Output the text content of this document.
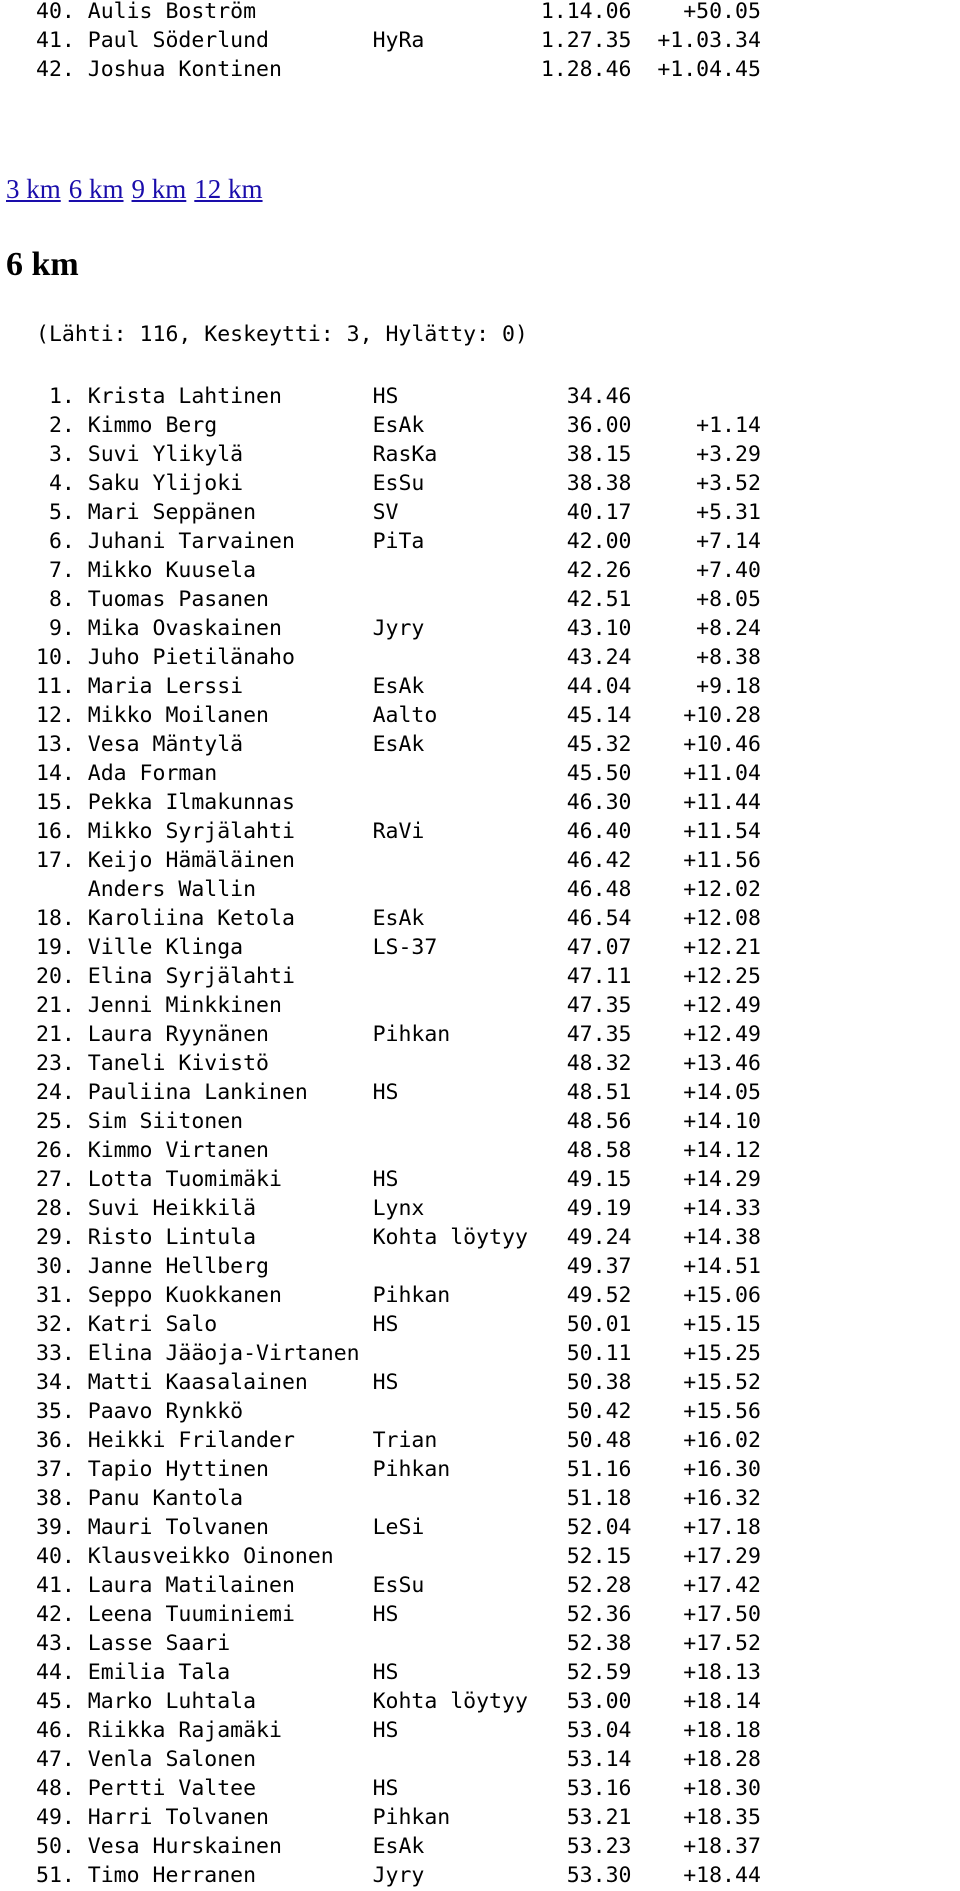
40. Aulis Boström	1.14.06    +50.05
41. Paul Söderlund        HyRa         1.27.35  +1.03.34
42. Joshua Kontinen	1.28.46  +1.04.45
3 km 6 km 9 km 12 km
6 km
(Lähti: 116, Keskeytti: 3, Hylätty: 0)
1. Krista Lahtinen       HS             34.46
2. Kimmo Berg            EsAk           36.00     +1.14
3. Suvi Ylikylä          RasKa          38.15     +3.29
4. Saku Ylijoki          EsSu           38.38     +3.52
5. Mari Seppänen         SV             40.17     +5.31
6. Juhani Tarvainen      PiTa           42.00     +7.14
7. Mikko Kuusela	42.26     +7.40
8. Tuomas Pasanen	42.51     +8.05
9. Mika Ovaskainen       Jyry           43.10     +8.24
10. Juho Pietilänaho	43.24     +8.38
11. Maria Lerssi          EsAk           44.04     +9.18
12. Mikko Moilanen        Aalto          45.14    +10.28
13. Vesa Mäntylä          EsAk           45.32    +10.46
14. Ada Forman	45.50    +11.04
15. Pekka Ilmakunnas	46.30    +11.44
16. Mikko Syrjälahti      RaVi           46.40    +11.54
17. Keijo Hämäläinen	46.42    +11.56
Anders Wallin	46.48    +12.02
18. Karoliina Ketola      EsAk           46.54    +12.08
19. Ville Klinga          LS-37          47.07    +12.21
20. Elina Syrjälahti	47.11    +12.25
21. Jenni Minkkinen	47.35    +12.49
21. Laura Ryynänen        Pihkan         47.35    +12.49
23. Taneli Kivistö	48.32    +13.46
24. Pauliina Lankinen     HS             48.51    +14.05
25. Sim Siitonen	48.56    +14.10
26. Kimmo Virtanen	48.58    +14.12
27. Lotta Tuomimäki       HS             49.15    +14.29
28. Suvi Heikkilä         Lynx           49.19    +14.33
29. Risto Lintula         Kohta löytyy   49.24    +14.38
30. Janne Hellberg	49.37    +14.51
31. Seppo Kuokkanen       Pihkan         49.52    +15.06
32. Katri Salo            HS             50.01    +15.15
33. Elina Jääoja-Virtanen	50.11    +15.25
34. Matti Kaasalainen     HS             50.38    +15.52
35. Paavo Rynkkö	50.42    +15.56
36. Heikki Frilander      Trian          50.48    +16.02
37. Tapio Hyttinen        Pihkan         51.16    +16.30
38. Panu Kantola	51.18    +16.32
39. Mauri Tolvanen        LeSi           52.04    +17.18
40. Klausveikko Oinonen	52.15    +17.29
41. Laura Matilainen      EsSu           52.28    +17.42
42. Leena Tuuminiemi      HS             52.36    +17.50
43. Lasse Saari	52.38    +17.52
44. Emilia Tala           HS             52.59    +18.13
45. Marko Luhtala         Kohta löytyy   53.00    +18.14
46. Riikka Rajamäki       HS             53.04    +18.18
47. Venla Salonen	53.14    +18.28
48. Pertti Valtee         HS             53.16    +18.30
49. Harri Tolvanen        Pihkan         53.21    +18.35
50. Vesa Hurskainen       EsAk           53.23    +18.37
51. Timo Herranen         Jyry           53.30    +18.44
